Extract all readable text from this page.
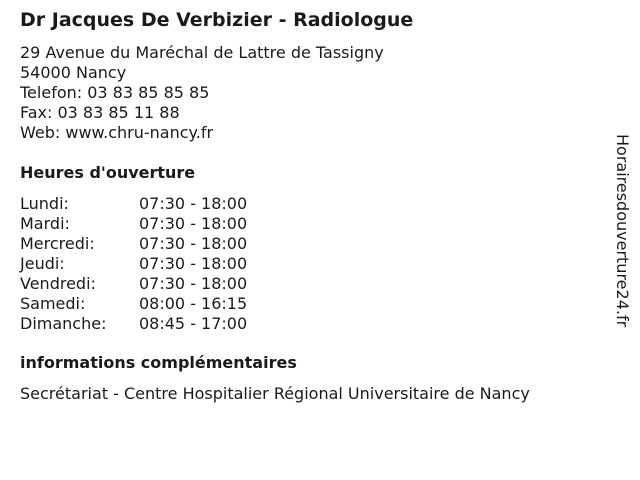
Dr Jacques De Verbizier - Radiologue
29 Avenue du Maréchal de Lattre de Tassigny
54000 Nancy
Telefon: 03 83 85 85 85
Fax: 03 83 85 11 88
Web: www.chru-nancy.fr
Heures d'ouverture
Lundi:	07:30 - 18:00
Mardi:	07:30 - 18:00
Mercredi:	07:30 - 18:00
Jeudi:	07:30 - 18:00
Vendredi:	07:30 - 18:00
Samedi:	08:00 - 16:15
Dimanche:	08:45 - 17:00
informations complémentaires
Secrétariat - Centre Hospitalier Régional Universitaire de Nancy
Horairesdouverture24.fr
